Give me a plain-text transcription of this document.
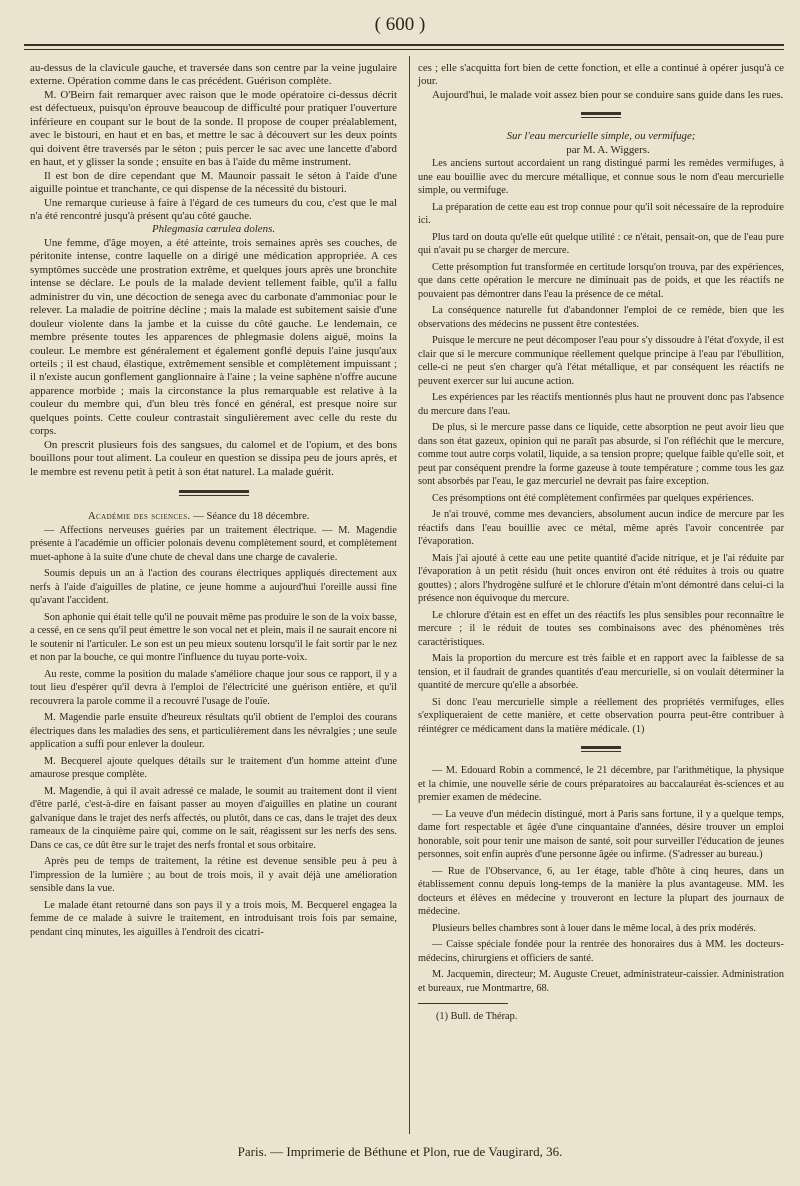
( 600 )

au-dessus de la clavicule gauche, et traversée dans son centre par la veine jugulaire externe. Opération comme dans le cas précédent. Guérison complète.

M. O'Beirn fait remarquer avec raison que le mode opératoire ci-dessus décrit est défectueux, puisqu'on éprouve beaucoup de difficulté pour pratiquer l'ouverture inférieure en coupant sur le bout de la sonde. Il propose de couper préalablement, avec le bistouri, en haut et en bas, et mettre le sac à découvert sur les deux points qui doivent être traversés par le séton ; puis percer le sac avec une lancette d'abord en haut, et y glisser la sonde ; ensuite en bas à l'aide du même instrument.

Il est bon de dire cependant que M. Maunoir passait le séton à l'aide d'une aiguille pointue et tranchante, ce qui dispense de la nécessité du bistouri.

Une remarque curieuse à faire à l'égard de ces tumeurs du cou, c'est que le mal n'a été rencontré jusqu'à présent qu'au côté gauche.

Phlegmasia cœrulea dolens.

Une femme, d'âge moyen, a été atteinte, trois semaines après ses couches, de péritonite intense, contre laquelle on a dirigé une médication appropriée. A ces symptômes succède une prostration extrême, et quelques jours après une bronchite intense se déclare. Le pouls de la malade devient tellement faible, qu'il a fallu administrer du vin, une décoction de senega avec du carbonate d'ammoniac pour le relever. La maladie de poitrine décline ; mais la malade est subitement saisie d'une douleur violente dans la jambe et la cuisse du côté gauche. Le lendemain, ce membre présente toutes les apparences de phlegmasie dolens aiguë, moins la couleur. Le membre est généralement et également gonflé depuis l'aine jusqu'aux orteils ; il est chaud, élastique, extrêmement sensible et complètement impuissant ; il n'existe aucun gonflement ganglionnaire à l'aine ; la veine saphène n'offre aucune apparence morbide ; mais la circonstance la plus remarquable est relative à la couleur du membre qui, d'un bleu très foncé en général, est presque noire sur quelques points. Cette couleur contrastait singulièrement avec celle du reste du corps.

On prescrit plusieurs fois des sangsues, du calomel et de l'opium, et des bons bouillons pour tout aliment. La couleur en question se dissipa peu de jours après, et le membre est revenu petit à petit à son état naturel. La malade guérit.

Académie des sciences. — Séance du 18 décembre.

— Affections nerveuses guéries par un traitement électrique. — M. Magendie présente à l'académie un officier polonais devenu complètement sourd, et complètement muet-aphone à la suite d'une chute de cheval dans une charge de cavalerie.

Soumis depuis un an à l'action des courans électriques appliqués directement aux nerfs à l'aide d'aiguilles de platine, ce jeune homme a aujourd'hui l'oreille aussi fine qu'avant l'accident.

Son aphonie qui était telle qu'il ne pouvait même pas produire le son de la voix basse, a cessé, en ce sens qu'il peut émettre le son vocal net et plein, mais il ne saurait encore ni le soutenir ni l'articuler. Le son est un peu mieux soutenu lorsqu'il le fait sortir par le nez et non par la bouche, ce qui montre l'influence du tuyau porte-voix.

Au reste, comme la position du malade s'améliore chaque jour sous ce rapport, il y a tout lieu d'espérer qu'il devra à l'emploi de l'électricité une guérison entière, et qu'il recouvrera la parole comme il a recouvré l'usage de l'ouïe.

M. Magendie parle ensuite d'heureux résultats qu'il obtient de l'emploi des courans électriques dans les maladies des sens, et particulièrement dans les névralgies ; une seule application a suffi pour enlever la douleur.

M. Becquerel ajoute quelques détails sur le traitement d'un homme atteint d'une amaurose presque complète.

M. Magendie, à qui il avait adressé ce malade, le soumit au traitement dont il vient d'être parlé, c'est-à-dire en faisant passer au moyen d'aiguilles en platine un courant galvanique dans le trajet des nerfs affectés, ou plutôt, dans ce cas, dans le trajet des deux rameaux de la cinquième paire qui, comme on le sait, réagissent sur les nerfs des sens. Dans ce cas, ce dût être sur le trajet des nerfs frontal et sous orbitaire.

Après peu de temps de traitement, la rétine est devenue sensible peu à peu à l'impression de la lumière ; au bout de trois mois, il y avait déjà une amélioration sensible dans la vue.

Le malade étant retourné dans son pays il y a trois mois, M. Becquerel engagea la femme de ce malade à suivre le traitement, en introduisant trois fois par semaine, pendant cinq minutes, les aiguilles à l'endroit des cicatri-

ces ; elle s'acquitta fort bien de cette fonction, et elle a continué à opérer jusqu'à ce jour.

Aujourd'hui, le malade voit assez bien pour se conduire sans guide dans les rues.

Sur l'eau mercurielle simple, ou vermifuge;

par M. A. Wiggers.

Les anciens surtout accordaient un rang distingué parmi les remèdes vermifuges, à une eau bouillie avec du mercure métallique, et connue sous le nom d'eau mercurielle simple, ou vermifuge.

La préparation de cette eau est trop connue pour qu'il soit nécessaire de la reproduire ici.

Plus tard on douta qu'elle eût quelque utilité : ce n'était, pensait-on, que de l'eau pure qui n'avait pu se charger de mercure.

Cette présomption fut transformée en certitude lorsqu'on trouva, par des expériences, que dans cette opération le mercure ne diminuait pas de poids, et que les réactifs ne pouvaient pas démontrer dans l'eau la présence de ce métal.

La conséquence naturelle fut d'abandonner l'emploi de ce remède, bien que les observations des médecins ne pussent être contestées.

Puisque le mercure ne peut décomposer l'eau pour s'y dissoudre à l'état d'oxyde, il est clair que si le mercure communique réellement quelque principe à l'eau par l'ébullition, celle-ci ne peut s'en charger qu'à l'état métallique, et par conséquent les réactifs ne peuvent exercer sur lui aucune action.

Les expériences par les réactifs mentionnés plus haut ne prouvent donc pas l'absence du mercure dans l'eau.

De plus, si le mercure passe dans ce liquide, cette absorption ne peut avoir lieu que dans son état gazeux, opinion qui ne paraît pas absurde, si l'on réfléchit que le mercure, comme tout autre corps volatil, liquide, a sa tension propre; quelque faible qu'elle soit, et peut par conséquent prendre la forme gazeuse à toute température ; comme tous les gaz sont absorbés par l'eau, le gaz mercuriel ne devrait pas faire exception.

Ces présomptions ont été complètement confirmées par quelques expériences.

Je n'ai trouvé, comme mes devanciers, absolument aucun indice de mercure par les réactifs dans l'eau bouillie avec ce métal, même après l'avoir concentrée par l'évaporation.

Mais j'ai ajouté à cette eau une petite quantité d'acide nitrique, et je l'ai réduite par l'évaporation à un petit résidu (huit onces environ ont été réduites à trois ou quatre gouttes) ; alors l'hydrogène sulfuré et le chlorure d'étain m'ont démontré dans celui-ci la présence non équivoque du mercure.

Le chlorure d'étain est en effet un des réactifs les plus sensibles pour reconnaître le mercure ; il le réduit de toutes ses combinaisons avec des phénomènes très caractéristiques.

Mais la proportion du mercure est très faible et en rapport avec la faiblesse de sa tension, et il faudrait de grandes quantités d'eau mercurielle, si on voulait déterminer la quantité de mercure qu'elle a absorbée.

Si donc l'eau mercurielle simple a réellement des propriétés vermifuges, elles s'expliqueraient de cette manière, et cette observation pourra peut-être contribuer à réintégrer ce médicament dans la matière médicale. (1)

— M. Edouard Robin a commencé, le 21 décembre, par l'arithmétique, la physique et la chimie, une nouvelle série de cours préparatoires au baccalauréat ès-sciences et au premier examen de médecine.

— La veuve d'un médecin distingué, mort à Paris sans fortune, il y a quelque temps, dame fort respectable et âgée d'une cinquantaine d'années, désire trouver un emploi honorable, soit pour tenir une maison de santé, soit pour surveiller l'éducation de jeunes personnes, soit enfin auprès d'une personne âgée ou infirme. (S'adresser au bureau.)

— Rue de l'Observance, 6, au 1er étage, table d'hôte à cinq heures, dans un établissement connu depuis long-temps de la manière la plus avantageuse. MM. les docteurs et élèves en médecine y trouveront en lecture la plupart des journaux de médecine.

Plusieurs belles chambres sont à louer dans le même local, à des prix modérés.

— Caisse spéciale fondée pour la rentrée des honoraires dus à MM. les docteurs-médecins, chirurgiens et officiers de santé.

M. Jacquemin, directeur; M. Auguste Creuet, administrateur-caissier. Administration et bureaux, rue Montmartre, 68.

(1) Bull. de Thérap.

Paris. — Imprimerie de Béthune et Plon, rue de Vaugirard, 36.
